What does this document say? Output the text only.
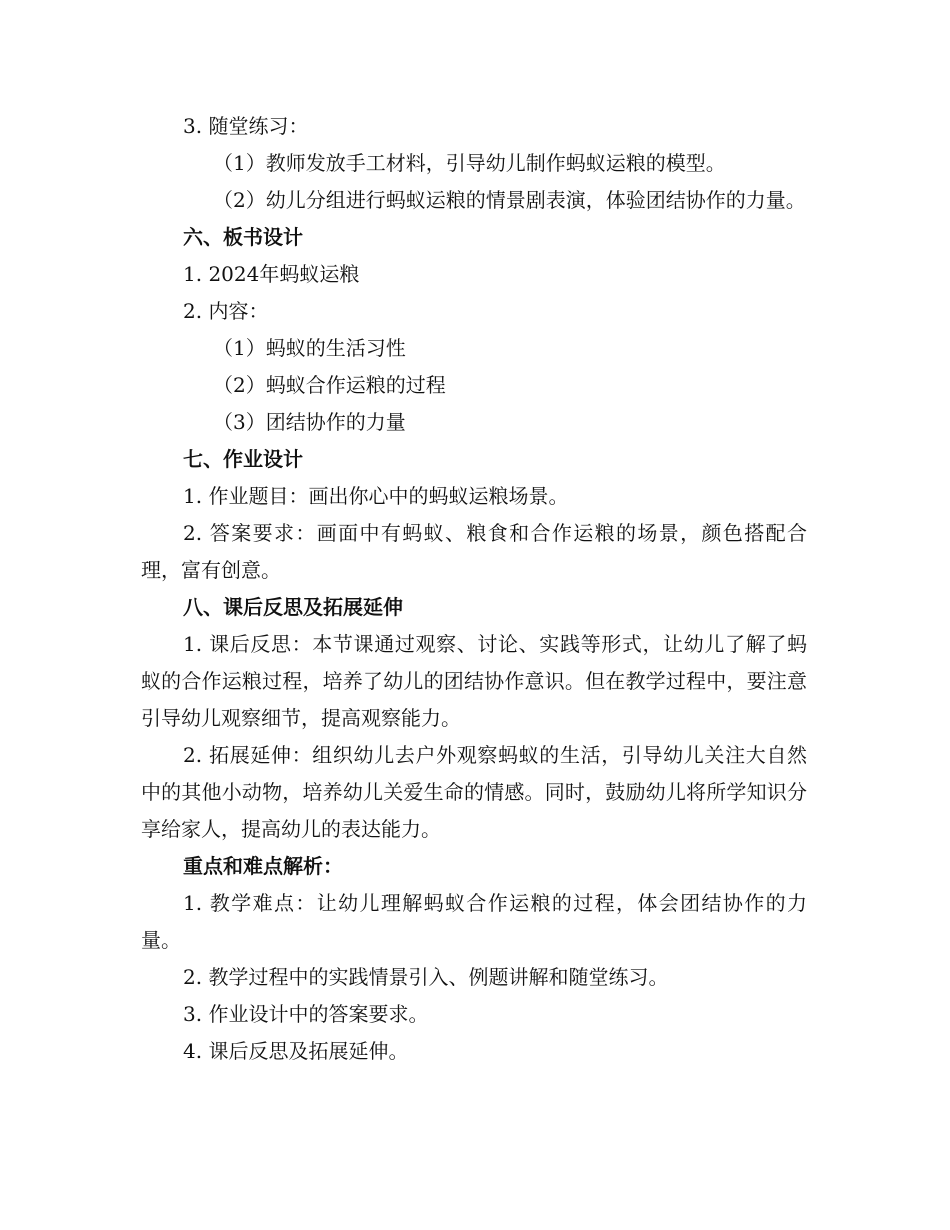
3. 随堂练习：
（1）教师发放手工材料，引导幼儿制作蚂蚁运粮的模型。
（2）幼儿分组进行蚂蚁运粮的情景剧表演，体验团结协作的力量。
六、板书设计
1. 2024年蚂蚁运粮
2. 内容：
（1）蚂蚁的生活习性
（2）蚂蚁合作运粮的过程
（3）团结协作的力量
七、作业设计
1. 作业题目：画出你心中的蚂蚁运粮场景。
2. 答案要求：画面中有蚂蚁、粮食和合作运粮的场景，颜色搭配合理，富有创意。
八、课后反思及拓展延伸
1. 课后反思：本节课通过观察、讨论、实践等形式，让幼儿了解了蚂蚁的合作运粮过程，培养了幼儿的团结协作意识。但在教学过程中，要注意引导幼儿观察细节，提高观察能力。
2. 拓展延伸：组织幼儿去户外观察蚂蚁的生活，引导幼儿关注大自然中的其他小动物，培养幼儿关爱生命的情感。同时，鼓励幼儿将所学知识分享给家人，提高幼儿的表达能力。
重点和难点解析：
1. 教学难点：让幼儿理解蚂蚁合作运粮的过程，体会团结协作的力量。
2. 教学过程中的实践情景引入、例题讲解和随堂练习。
3. 作业设计中的答案要求。
4. 课后反思及拓展延伸。
